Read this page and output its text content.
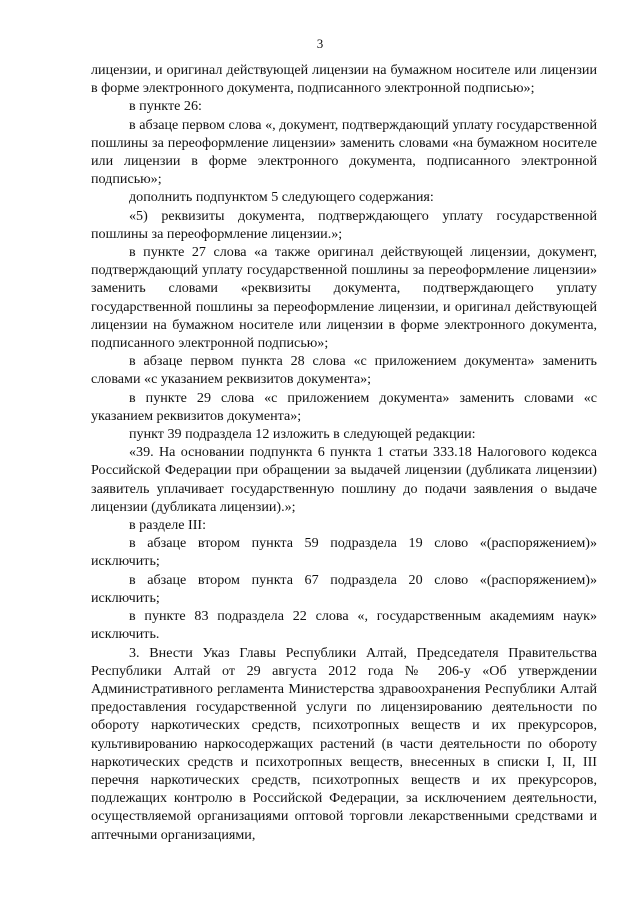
3

лицензии, и оригинал действующей лицензии на бумажном носителе или лицензии в форме электронного документа, подписанного электронной подписью»;

в пункте 26:

в абзаце первом слова «, документ, подтверждающий уплату государственной пошлины за переоформление лицензии» заменить словами «на бумажном носителе или лицензии в форме электронного документа, подписанного электронной подписью»;

дополнить подпунктом 5 следующего содержания:

«5) реквизиты документа, подтверждающего уплату государственной пошлины за переоформление лицензии.»;

в пункте 27 слова «а также оригинал действующей лицензии, документ, подтверждающий уплату государственной пошлины за переоформление лицензии» заменить словами «реквизиты документа, подтверждающего уплату государственной пошлины за переоформление лицензии, и оригинал действующей лицензии на бумажном носителе или лицензии в форме электронного документа, подписанного электронной подписью»;

в абзаце первом пункта 28 слова «с приложением документа» заменить словами «с указанием реквизитов документа»;

в пункте 29 слова «с приложением документа» заменить словами «с указанием реквизитов документа»;

пункт 39 подраздела 12 изложить в следующей редакции:

«39. На основании подпункта 6 пункта 1 статьи 333.18 Налогового кодекса Российской Федерации при обращении за выдачей лицензии (дубликата лицензии) заявитель уплачивает государственную пошлину до подачи заявления о выдаче лицензии (дубликата лицензии).»;

в разделе III:

в абзаце втором пункта 59 подраздела 19 слово «(распоряжением)» исключить;

в абзаце втором пункта 67 подраздела 20 слово «(распоряжением)» исключить;

в пункте 83 подраздела 22 слова «, государственным академиям наук» исключить.

3. Внести Указ Главы Республики Алтай, Председателя Правительства Республики Алтай от 29 августа 2012 года № 206-у «Об утверждении Административного регламента Министерства здравоохранения Республики Алтай предоставления государственной услуги по лицензированию деятельности по обороту наркотических средств, психотропных веществ и их прекурсоров, культивированию наркосодержащих растений (в части деятельности по обороту наркотических средств и психотропных веществ, внесенных в списки I, II, III перечня наркотических средств, психотропных веществ и их прекурсоров, подлежащих контролю в Российской Федерации, за исключением деятельности, осуществляемой организациями оптовой торговли лекарственными средствами и аптечными организациями,
